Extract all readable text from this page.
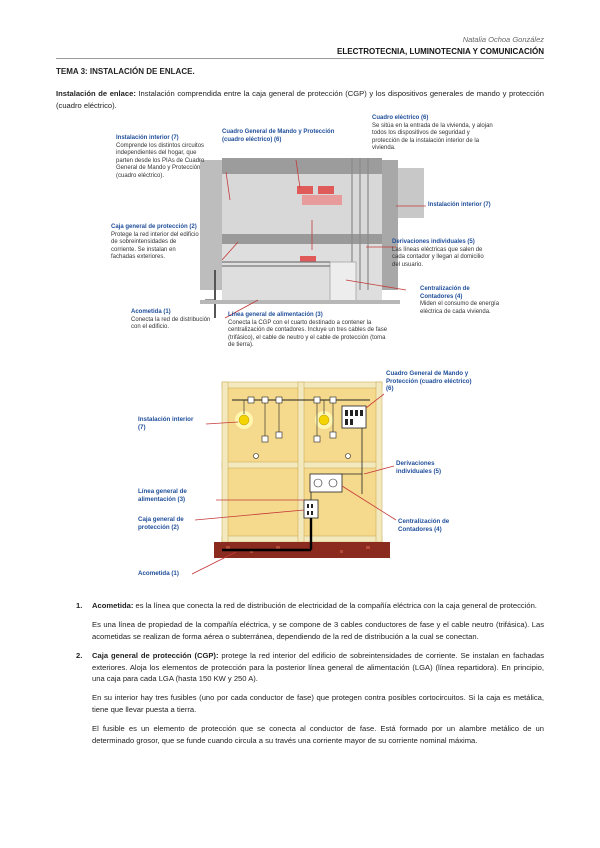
Natalia Ochoa González
ELECTROTECNIA, LUMINOTECNIA Y COMUNICACIÓN
TEMA 3: INSTALACIÓN DE ENLACE.
Instalación de enlace: Instalación comprendida entre la caja general de protección (CGP) y los dispositivos generales de mando y protección (cuadro eléctrico).
Instalación interior (7)
Comprende los distintos circuitos independientes del hogar, que parten desde los PIAs de Cuadro General de Mando y Protección (cuadro eléctrico).
Cuadro General de Mando y Protección (cuadro eléctrico) (6)
Cuadro eléctrico (6)
Se sitúa en la entrada de la vivienda, y alojan todos los dispositivos de seguridad y protección de la instalación interior de la vivienda.
Instalación interior (7)
Caja general de protección (2)
Protege la red interior del edificio de sobreintensidades de corriente. Se instalan en fachadas exteriores.
Derivaciones individuales (5)
Las líneas eléctricas que salen de cada contador y llegan al domicilio del usuario.
Centralización de Contadores (4)
Miden el consumo de energía eléctrica de cada vivienda.
Acometida (1)
Conecta la red de distribución con el edificio.
Línea general de alimentación (3)
Conecta la CGP con el cuarto destinado a contener la centralización de contadores. Incluye un tres cables de fase (trifásico), el cable de neutro y el cable de protección (toma de tierra).
Cuadro General de Mando y Protección (cuadro eléctrico) (6)
Instalación interior (7)
Derivaciones individuales (5)
Línea general de alimentación (3)
Caja general de protección (2)
Centralización de Contadores (4)
Acometida (1)
1. Acometida: es la línea que conecta la red de distribución de electricidad de la compañía eléctrica con la caja general de protección.
Es una línea de propiedad de la compañía eléctrica, y se compone de 3 cables conductores de fase y el cable neutro (trifásica). Las acometidas se realizan de forma aérea o subterránea, dependiendo de la red de distribución a la cual se conectan.
2. Caja general de protección (CGP): protege la red interior del edificio de sobreintensidades de corriente. Se instalan en fachadas exteriores. Aloja los elementos de protección para la posterior línea general de alimentación (LGA) (línea repartidora). En principio, una caja para cada LGA (hasta 150 KW y 250 A).
En su interior hay tres fusibles (uno por cada conductor de fase) que protegen contra posibles cortocircuitos. Si la caja es metálica, tiene que llevar puesta a tierra.
El fusible es un elemento de protección que se conecta al conductor de fase. Está formado por un alambre metálico de un determinado grosor, que se funde cuando circula a su través una corriente mayor de su corriente nominal máxima.
